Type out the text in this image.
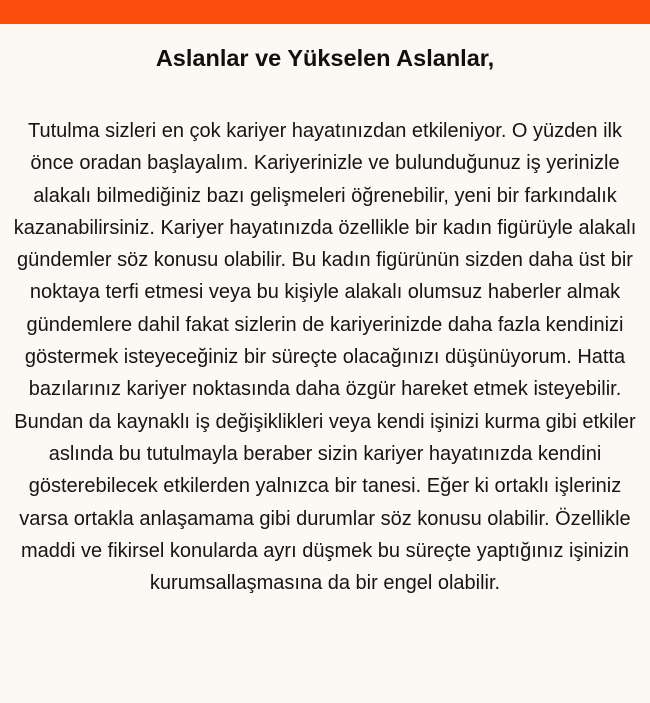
Aslanlar ve Yükselen Aslanlar,

Tutulma sizleri en çok kariyer hayatınızdan etkileniyor. O yüzden ilk önce oradan başlayalım. Kariyerinizle ve bulunduğunuz iş yerinizle alakalı bilmediğiniz bazı gelişmeleri öğrenebilir, yeni bir farkındalık kazanabilirsiniz. Kariyer hayatınızda özellikle bir kadın figürüyle alakalı gündemler söz konusu olabilir. Bu kadın figürünün sizden daha üst bir noktaya terfi etmesi veya bu kişiyle alakalı olumsuz haberler almak gündemlere dahil fakat sizlerin de kariyerinizde daha fazla kendinizi göstermek isteyeceğiniz bir süreçte olacağınızı düşünüyorum. Hatta bazılarınız kariyer noktasında daha özgür hareket etmek isteyebilir. Bundan da kaynaklı iş değişiklikleri veya kendi işinizi kurma gibi etkiler aslında bu tutulmayla beraber sizin kariyer hayatınızda kendini gösterebilecek etkilerden yalnızca bir tanesi. Eğer ki ortaklı işleriniz varsa ortakla anlaşamama gibi durumlar söz konusu olabilir. Özellikle maddi ve fikirsel konularda ayrı düşmek bu süreçte yaptığınız işinizin kurumsallaşmasına da bir engel olabilir.
